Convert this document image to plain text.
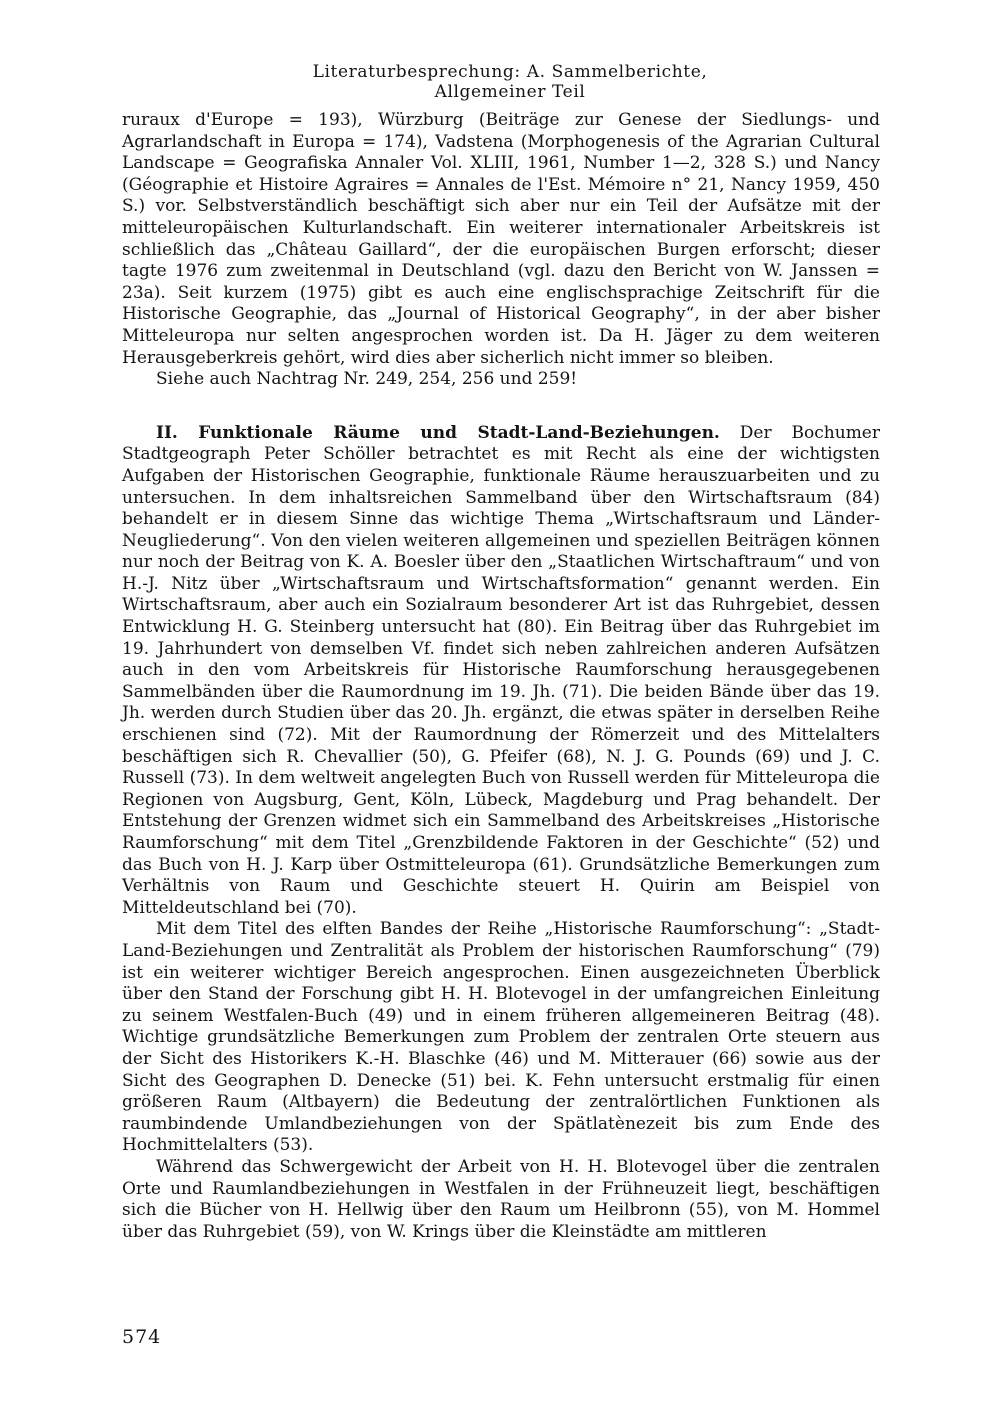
Literaturbesprechung: A. Sammelberichte, Allgemeiner Teil

ruraux d'Europe = 193), Würzburg (Beiträge zur Genese der Siedlungs- und Agrarlandschaft in Europa = 174), Vadstena (Morphogenesis of the Agrarian Cultural Landscape = Geografiska Annaler Vol. XLIII, 1961, Number 1—2, 328 S.) und Nancy (Géographie et Histoire Agraires = Annales de l'Est. Mémoire n° 21, Nancy 1959, 450 S.) vor. Selbstverständlich beschäftigt sich aber nur ein Teil der Aufsätze mit der mitteleuropäischen Kulturlandschaft. Ein weiterer internationaler Arbeitskreis ist schließlich das „Château Gaillard“, der die europäischen Burgen erforscht; dieser tagte 1976 zum zweitenmal in Deutschland (vgl. dazu den Bericht von W. Janssen = 23a). Seit kurzem (1975) gibt es auch eine englischsprachige Zeitschrift für die Historische Geographie, das „Journal of Historical Geography“, in der aber bisher Mitteleuropa nur selten angesprochen worden ist. Da H. Jäger zu dem weiteren Herausgeberkreis gehört, wird dies aber sicherlich nicht immer so bleiben.

Siehe auch Nachtrag Nr. 249, 254, 256 und 259!

II. Funktionale Räume und Stadt-Land-Beziehungen. Der Bochumer Stadtgeograph Peter Schöller betrachtet es mit Recht als eine der wichtigsten Aufgaben der Historischen Geographie, funktionale Räume herauszuarbeiten und zu untersuchen. In dem inhaltsreichen Sammelband über den Wirtschaftsraum (84) behandelt er in diesem Sinne das wichtige Thema „Wirtschaftsraum und Länder-Neugliederung“. Von den vielen weiteren allgemeinen und speziellen Beiträgen können nur noch der Beitrag von K. A. Boesler über den „Staatlichen Wirtschaftraum“ und von H.-J. Nitz über „Wirtschaftsraum und Wirtschaftsformation“ genannt werden. Ein Wirtschaftsraum, aber auch ein Sozialraum besonderer Art ist das Ruhrgebiet, dessen Entwicklung H. G. Steinberg untersucht hat (80). Ein Beitrag über das Ruhrgebiet im 19. Jahrhundert von demselben Vf. findet sich neben zahlreichen anderen Aufsätzen auch in den vom Arbeitskreis für Historische Raumforschung herausgegebenen Sammelbänden über die Raumordnung im 19. Jh. (71). Die beiden Bände über das 19. Jh. werden durch Studien über das 20. Jh. ergänzt, die etwas später in derselben Reihe erschienen sind (72). Mit der Raumordnung der Römerzeit und des Mittelalters beschäftigen sich R. Chevallier (50), G. Pfeifer (68), N. J. G. Pounds (69) und J. C. Russell (73). In dem weltweit angelegten Buch von Russell werden für Mitteleuropa die Regionen von Augsburg, Gent, Köln, Lübeck, Magdeburg und Prag behandelt. Der Entstehung der Grenzen widmet sich ein Sammelband des Arbeitskreises „Historische Raumforschung“ mit dem Titel „Grenzbildende Faktoren in der Geschichte“ (52) und das Buch von H. J. Karp über Ostmitteleuropa (61). Grundsätzliche Bemerkungen zum Verhältnis von Raum und Geschichte steuert H. Quirin am Beispiel von Mitteldeutschland bei (70).

Mit dem Titel des elften Bandes der Reihe „Historische Raumforschung“: „Stadt-Land-Beziehungen und Zentralität als Problem der historischen Raumforschung“ (79) ist ein weiterer wichtiger Bereich angesprochen. Einen ausgezeichneten Überblick über den Stand der Forschung gibt H. H. Blotevogel in der umfangreichen Einleitung zu seinem Westfalen-Buch (49) und in einem früheren allgemeineren Beitrag (48). Wichtige grundsätzliche Bemerkungen zum Problem der zentralen Orte steuern aus der Sicht des Historikers K.-H. Blaschke (46) und M. Mitterauer (66) sowie aus der Sicht des Geographen D. Denecke (51) bei. K. Fehn untersucht erstmalig für einen größeren Raum (Altbayern) die Bedeutung der zentralörtlichen Funktionen als raumbindende Umlandbeziehungen von der Spätlatènezeit bis zum Ende des Hochmittelalters (53).

Während das Schwergewicht der Arbeit von H. H. Blotevogel über die zentralen Orte und Raumlandbeziehungen in Westfalen in der Frühneuzeit liegt, beschäftigen sich die Bücher von H. Hellwig über den Raum um Heilbronn (55), von M. Hommel über das Ruhrgebiet (59), von W. Krings über die Kleinstädte am mittleren

574
